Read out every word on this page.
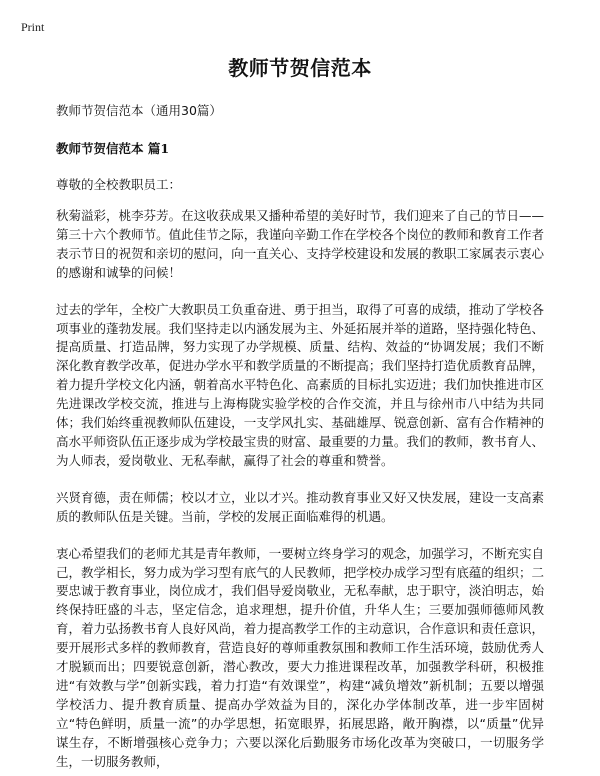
Print
教师节贺信范本
教师节贺信范本（通用30篇）
教师节贺信范本 篇1
尊敬的全校教职员工：

秋菊溢彩，桃李芬芳。在这收获成果又播种希望的美好时节，我们迎来了自己的节日——第三十六个教师节。值此佳节之际，我谨向辛勤工作在学校各个岗位的教师和教育工作者表示节日的祝贺和亲切的慰问，向一直关心、支持学校建设和发展的教职工家属表示衷心的感谢和诚挚的问候！

过去的学年，全校广大教职员工负重奋进、勇于担当，取得了可喜的成绩，推动了学校各项事业的蓬勃发展。我们坚持走以内涵发展为主、外延拓展并举的道路，坚持强化特色、提高质量、打造品牌，努力实现了办学规模、质量、结构、效益的“协调发展；我们不断深化教育教学改革，促进办学水平和教学质量的不断提高；我们坚持打造优质教育品牌，着力提升学校文化内涵，朝着高水平特色化、高素质的目标扎实迈进；我们加快推进市区先进课改学校交流，推进与上海梅陇实验学校的合作交流，并且与徐州市八中结为共同体；我们始终重视教师队伍建设，一支学风扎实、基础雄厚、锐意创新、富有合作精神的高水平师资队伍正逐步成为学校最宝贵的财富、最重要的力量。我们的教师，教书育人、为人师表，爱岗敬业、无私奉献，赢得了社会的尊重和赞誉。

兴贤育德，责在师儒；校以才立，业以才兴。推动教育事业又好又快发展，建设一支高素质的教师队伍是关键。当前，学校的发展正面临难得的机遇。

衷心希望我们的老师尤其是青年教师，一要树立终身学习的观念，加强学习，不断充实自己，教学相长，努力成为学习型有底气的人民教师，把学校办成学习型有底蕴的组织；二要忠诚于教育事业，岗位成才，我们倡导爱岗敬业，无私奉献，忠于职守，淡泊明志，始终保持旺盛的斗志，坚定信念，追求理想，提升价值，升华人生；三要加强师德师风教育，着力弘扬教书育人良好风尚，着力提高教学工作的主动意识，合作意识和责任意识，要开展形式多样的教师教育，营造良好的尊师重教氛围和教师工作生活环境，鼓励优秀人才脱颖而出；四要锐意创新，潜心教改，要大力推进课程改革，加强教学科研，积极推进“有效教与学”创新实践，着力打造“有效课堂”，构建“减负增效”新机制；五要以增强学校活力、提升教育质量、提高办学效益为目的，深化办学体制改革，进一步牢固树立“特色鲜明，质量一流”的办学思想，拓宽眼界，拓展思路，敞开胸襟，以“质量”优异谋生存，不断增强核心竞争力；六要以深化后勤服务市场化改革为突破口，一切服务学生，一切服务教师，
